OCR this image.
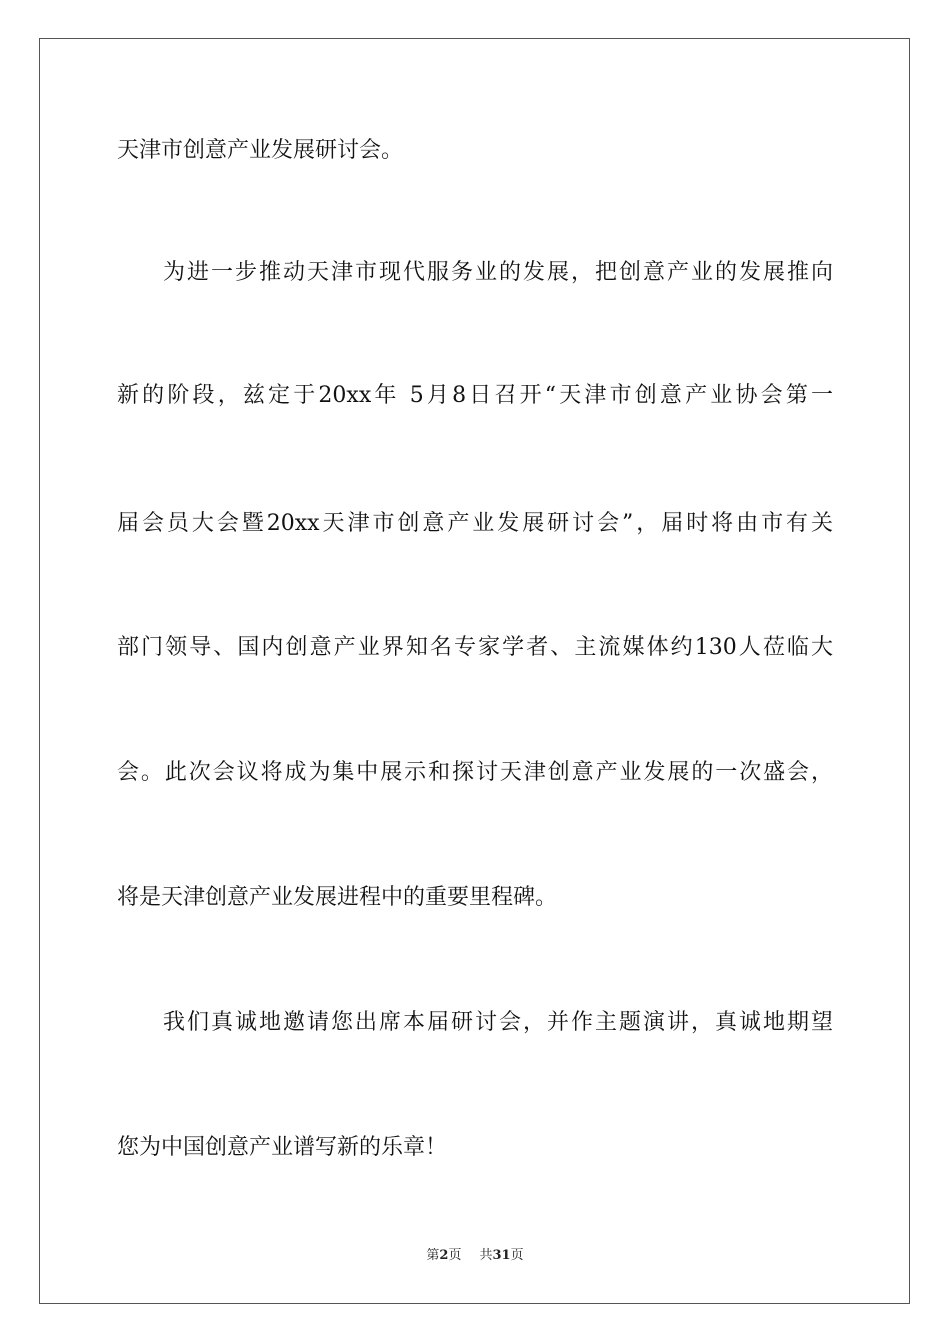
天津市创意产业发展研讨会。
为进一步推动天津市现代服务业的发展，把创意产业的发展推向
新的阶段，兹定于20xx年 5月8日召开“天津市创意产业协会第一
届会员大会暨20xx天津市创意产业发展研讨会”，届时将由市有关
部门领导、国内创意产业界知名专家学者、主流媒体约130人莅临大
会。此次会议将成为集中展示和探讨天津创意产业发展的一次盛会，
将是天津创意产业发展进程中的重要里程碑。
我们真诚地邀请您出席本届研讨会，并作主题演讲，真诚地期望
您为中国创意产业谱写新的乐章！
第2页 共31页
